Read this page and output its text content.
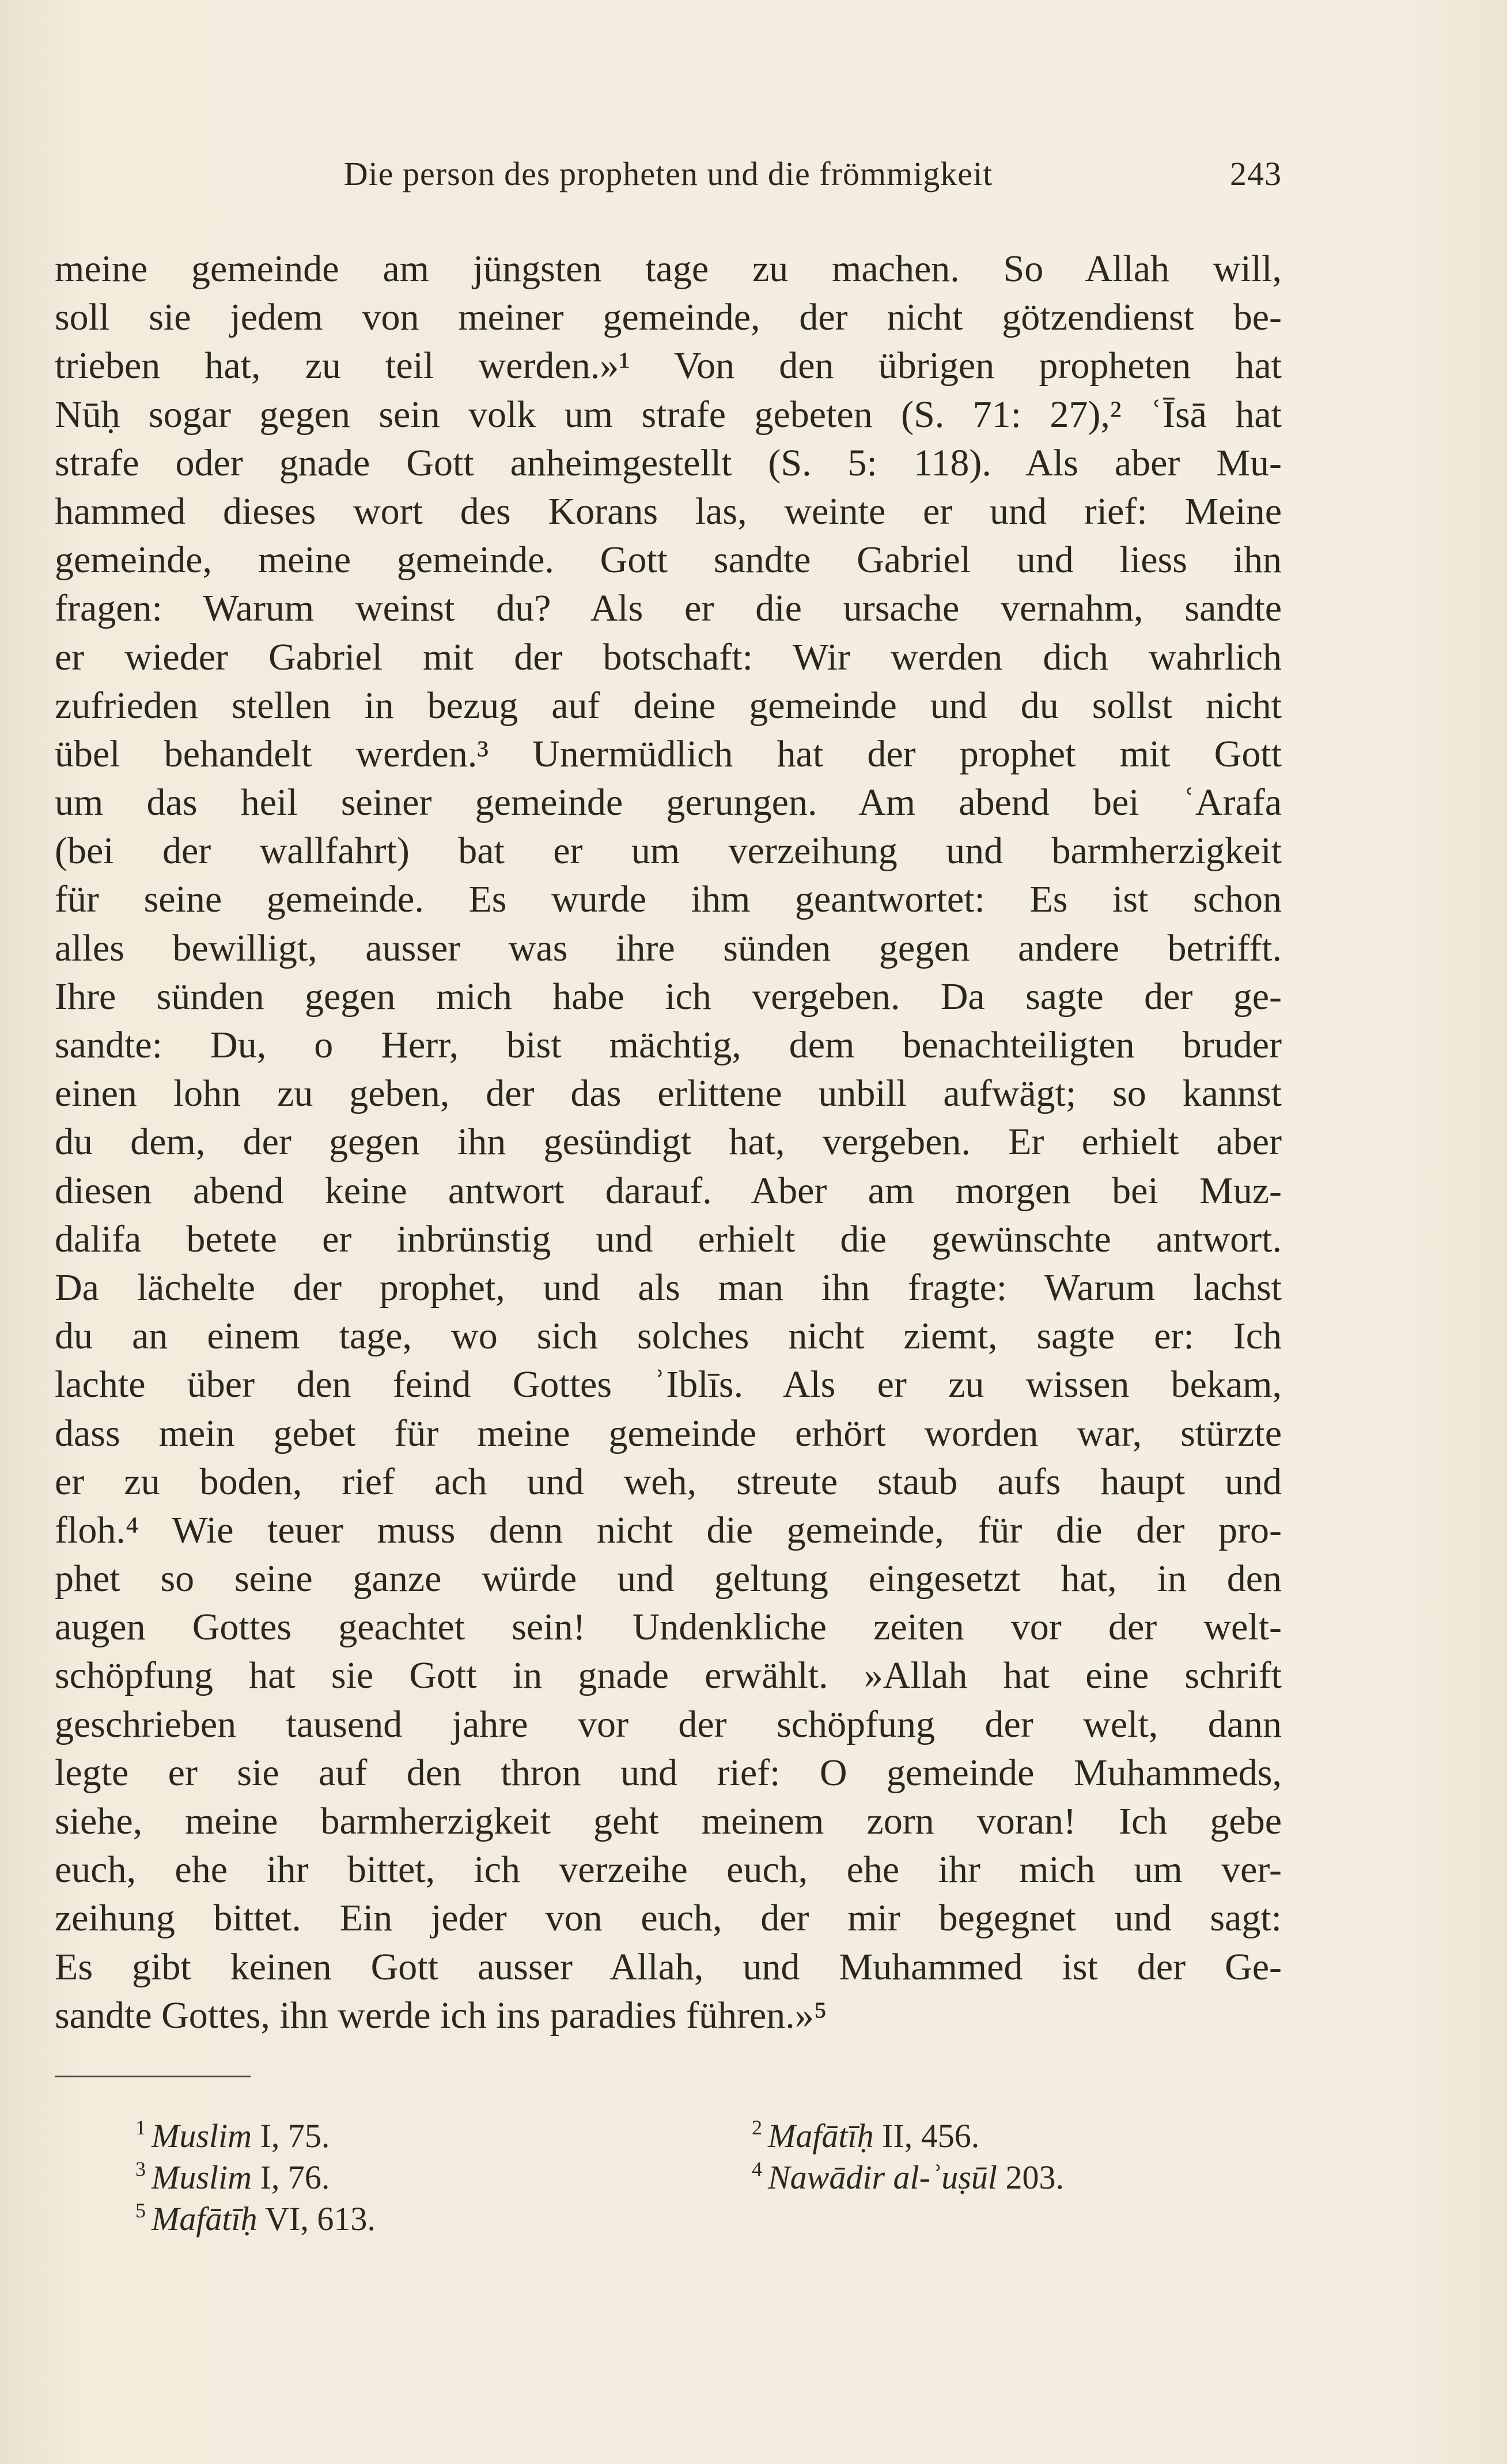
Die person des propheten und die frömmigkeit	243
meine gemeinde am jüngsten tage zu machen. So Allah will,
soll sie jedem von meiner gemeinde, der nicht götzendienst be-
trieben hat, zu teil werden.»¹ Von den übrigen propheten hat
Nūḥ sogar gegen sein volk um strafe gebeten (S. 71: 27),² ʿĪsā hat
strafe oder gnade Gott anheimgestellt (S. 5: 118). Als aber Mu-
hammed dieses wort des Korans las, weinte er und rief: Meine
gemeinde, meine gemeinde. Gott sandte Gabriel und liess ihn
fragen: Warum weinst du? Als er die ursache vernahm, sandte
er wieder Gabriel mit der botschaft: Wir werden dich wahrlich
zufrieden stellen in bezug auf deine gemeinde und du sollst nicht
übel behandelt werden.³ Unermüdlich hat der prophet mit Gott
um das heil seiner gemeinde gerungen. Am abend bei ʿArafa
(bei der wallfahrt) bat er um verzeihung und barmherzigkeit
für seine gemeinde. Es wurde ihm geantwortet: Es ist schon
alles bewilligt, ausser was ihre sünden gegen andere betrifft.
Ihre sünden gegen mich habe ich vergeben. Da sagte der ge-
sandte: Du, o Herr, bist mächtig, dem benachteiligten bruder
einen lohn zu geben, der das erlittene unbill aufwägt; so kannst
du dem, der gegen ihn gesündigt hat, vergeben. Er erhielt aber
diesen abend keine antwort darauf. Aber am morgen bei Muz-
dalifa betete er inbrünstig und erhielt die gewünschte antwort.
Da lächelte der prophet, und als man ihn fragte: Warum lachst
du an einem tage, wo sich solches nicht ziemt, sagte er: Ich
lachte über den feind Gottes ʾIblīs. Als er zu wissen bekam,
dass mein gebet für meine gemeinde erhört worden war, stürzte
er zu boden, rief ach und weh, streute staub aufs haupt und
floh.⁴ Wie teuer muss denn nicht die gemeinde, für die der pro-
phet so seine ganze würde und geltung eingesetzt hat, in den
augen Gottes geachtet sein! Undenkliche zeiten vor der welt-
schöpfung hat sie Gott in gnade erwählt. »Allah hat eine schrift
geschrieben tausend jahre vor der schöpfung der welt, dann
legte er sie auf den thron und rief: O gemeinde Muhammeds,
siehe, meine barmherzigkeit geht meinem zorn voran! Ich gebe
euch, ehe ihr bittet, ich verzeihe euch, ehe ihr mich um ver-
zeihung bittet. Ein jeder von euch, der mir begegnet und sagt:
Es gibt keinen Gott ausser Allah, und Muhammed ist der Ge-
sandte Gottes, ihn werde ich ins paradies führen.»⁵
$^1$ Muslim I, 75.	$^2$ Mafātīḥ II, 456.
$^3$ Muslim I, 76.	$^4$ Nawādir al-ʾuṣūl 203.
$^5$ Mafātīḥ VI, 613.
